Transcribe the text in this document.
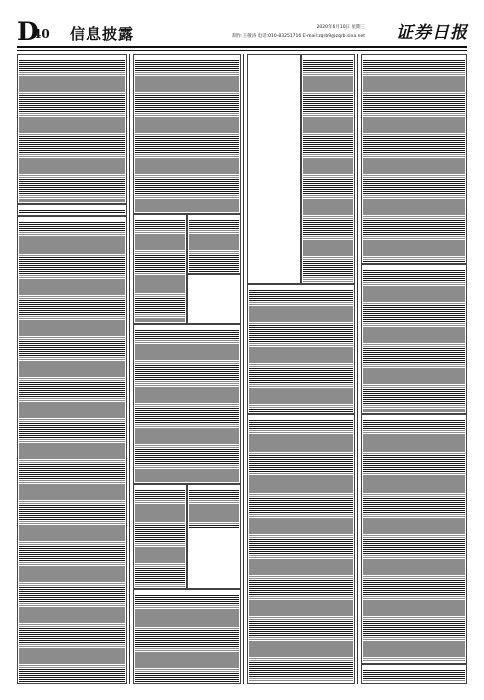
D
40 信息披露	2020年6月10日 星期三
制作:王敬涛 电话:010-83251716 E-mail:zqrb9@zqrb.sina.net 证券日报
